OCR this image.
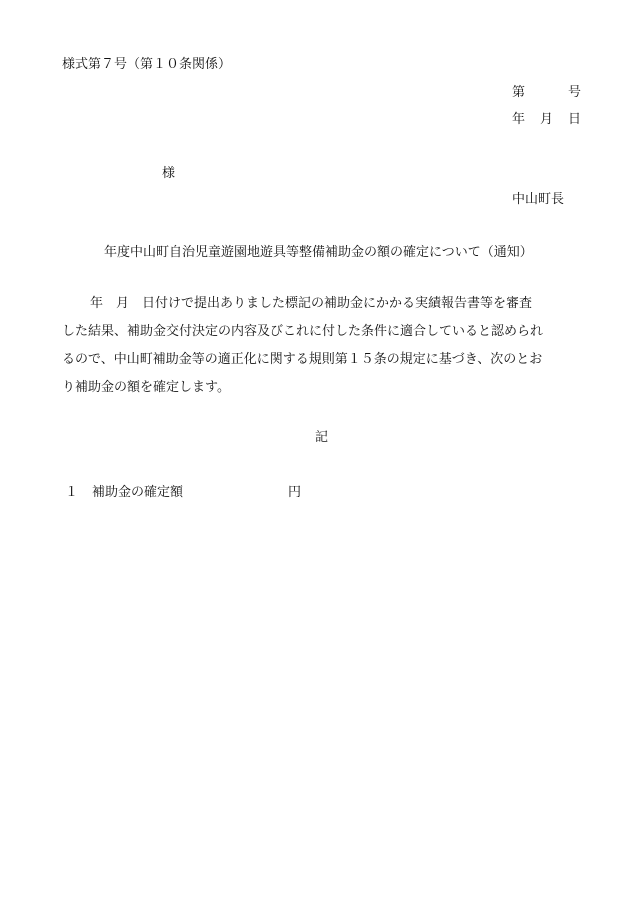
様式第７号（第１０条関係）
第	号
年 月 日
様
中山町長
年度中山町自治児童遊園地遊具等整備補助金の額の確定について（通知）

年　月　日付けで提出ありました標記の補助金にかかる実績報告書等を審査
した結果、補助金交付決定の内容及びこれに付した条件に適合していると認められ
るので、中山町補助金等の適正化に関する規則第１５条の規定に基づき、次のとお
り補助金の額を確定します。

記
１ 補助金の確定額	円
